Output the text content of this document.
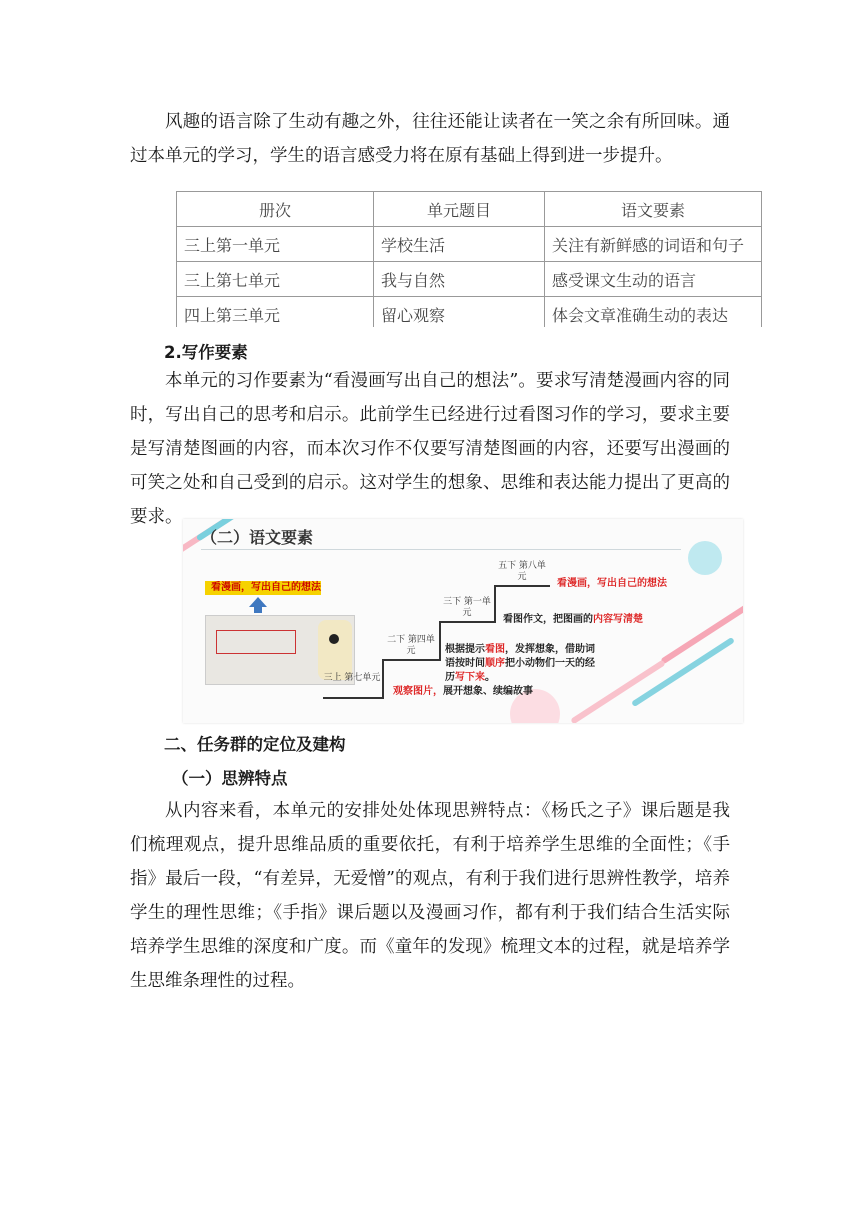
风趣的语言除了生动有趣之外，往往还能让读者在一笑之余有所回味。通过本单元的学习，学生的语言感受力将在原有基础上得到进一步提升。

册次	单元题目	语文要素
三上第一单元	学校生活	关注有新鲜感的词语和句子
三上第七单元	我与自然	感受课文生动的语言
四上第三单元	留心观察	体会文章准确生动的表达

2.写作要素

本单元的习作要素为“看漫画写出自己的想法”。要求写清楚漫画内容的同时，写出自己的思考和启示。此前学生已经进行过看图习作的学习，要求主要是写清楚图画的内容，而本次习作不仅要写清楚图画的内容，还要写出漫画的可笑之处和自己受到的启示。这对学生的想象、思维和表达能力提出了更高的要求。

（二）语文要素
看漫画，写出自己的想法
三上 第七单元
二下 第四单元
三下 第一单元
五下 第八单元
观察图片，展开想象、续编故事
根据提示看图，发挥想象，借助词语按时间顺序把小动物们一天的经历写下来。
看图作文，把图画的内容写清楚
看漫画，写出自己的想法

二、任务群的定位及建构

（一）思辨特点

从内容来看，本单元的安排处处体现思辨特点：《杨氏之子》课后题是我们梳理观点，提升思维品质的重要依托，有利于培养学生思维的全面性；《手指》最后一段，“有差异，无爱憎”的观点，有利于我们进行思辨性教学，培养学生的理性思维；《手指》课后题以及漫画习作，都有利于我们结合生活实际培养学生思维的深度和广度。而《童年的发现》梳理文本的过程，就是培养学生思维条理性的过程。
